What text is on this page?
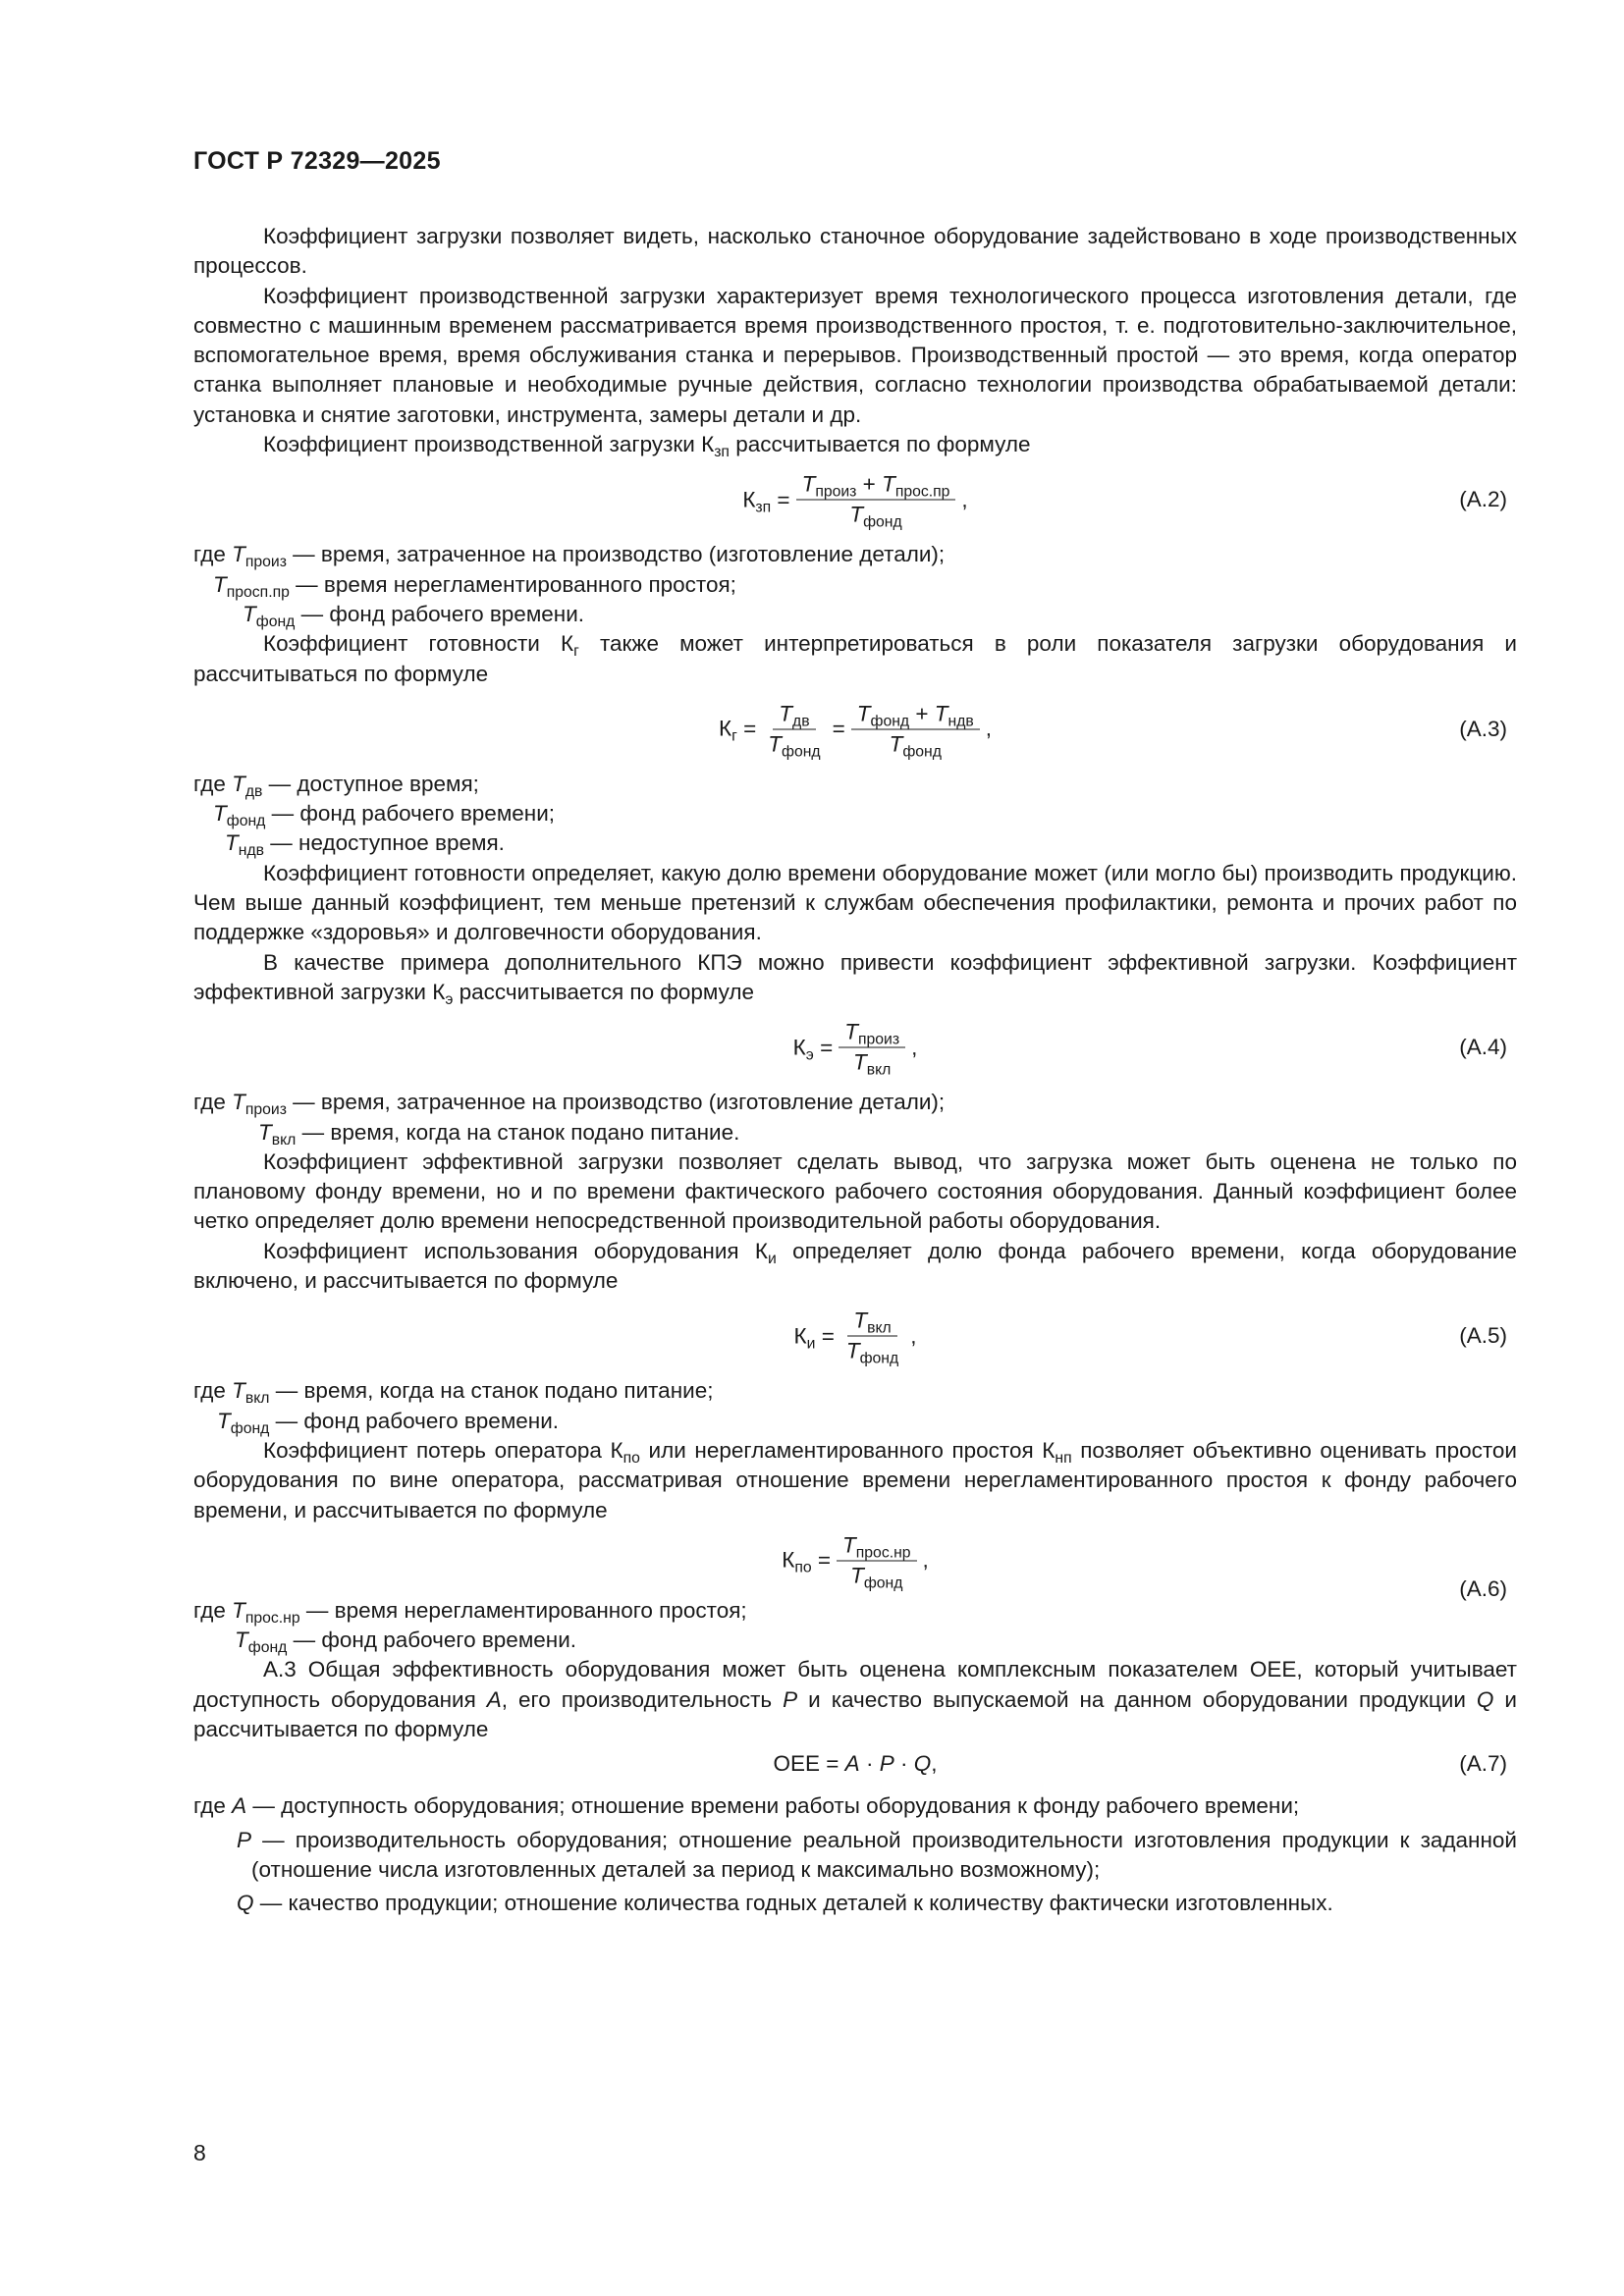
ГОСТ Р 72329—2025

Коэффициент загрузки позволяет видеть, насколько станочное оборудование задействовано в ходе производственных процессов.

Коэффициент производственной загрузки характеризует время технологического процесса изготовления детали, где совместно с машинным временем рассматривается время производственного простоя, т. е. подготовительно-заключительное, вспомогательное время, время обслуживания станка и перерывов. Производственный простой — это время, когда оператор станка выполняет плановые и необходимые ручные действия, согласно технологии производства обрабатываемой детали: установка и снятие заготовки, инструмента, замеры детали и др.

Коэффициент производственной загрузки $К_{зп}$ рассчитывается по формуле

$К_{зп} = \frac{Т_{произ} + Т_{прос.пр}}{Т_{фонд}}$ ,	(A.2)
где $Т_{произ}$ — время, затраченное на производство (изготовление детали);
$Т_{просп.пр}$ — время нерегламентированного простоя;
$Т_{фонд}$ — фонд рабочего времени.

Коэффициент готовности $К_г$ также может интерпретироваться в роли показателя загрузки оборудования и рассчитываться по формуле

$К_г = \frac{Т_{дв}}{Т_{фонд}} = \frac{Т_{фонд} + Т_{ндв}}{Т_{фонд}}$ ,	(A.3)
где $Т_{дв}$ — доступное время;
$Т_{фонд}$ — фонд рабочего времени;
$Т_{ндв}$ — недоступное время.

Коэффициент готовности определяет, какую долю времени оборудование может (или могло бы) производить продукцию. Чем выше данный коэффициент, тем меньше претензий к службам обеспечения профилактики, ремонта и прочих работ по поддержке «здоровья» и долговечности оборудования.

В качестве примера дополнительного КПЭ можно привести коэффициент эффективной загрузки. Коэффициент эффективной загрузки $К_э$ рассчитывается по формуле

$К_э = \frac{Т_{произ}}{Т_{вкл}}$ ,	(A.4)
где $Т_{произ}$ — время, затраченное на производство (изготовление детали);
$Т_{вкл}$ — время, когда на станок подано питание.

Коэффициент эффективной загрузки позволяет сделать вывод, что загрузка может быть оценена не только по плановому фонду времени, но и по времени фактического рабочего состояния оборудования. Данный коэффициент более четко определяет долю времени непосредственной производительной работы оборудования.

Коэффициент использования оборудования $К_и$ определяет долю фонда рабочего времени, когда оборудование включено, и рассчитывается по формуле

$К_и = \frac{Т_{вкл}}{Т_{фонд}}$ ,	(A.5)
где $Т_{вкл}$ — время, когда на станок подано питание;
$Т_{фонд}$ — фонд рабочего времени.

Коэффициент потерь оператора $К_{по}$ или нерегламентированного простоя $К_{нп}$ позволяет объективно оценивать простои оборудования по вине оператора, рассматривая отношение времени нерегламентированного простоя к фонду рабочего времени, и рассчитывается по формуле

$К_{по} = \frac{Т_{прос.нр}}{Т_{фонд}}$ ,
(A.6)
где $Т_{прос.нр}$ — время нерегламентированного простоя;
$Т_{фонд}$ — фонд рабочего времени.

А.3 Общая эффективность оборудования может быть оценена комплексным показателем OEE, который учитывает доступность оборудования A, его производительность P и качество выпускаемой на данном оборудовании продукции Q и рассчитывается по формуле

OEE = A · P · Q,	(A.7)
где A — доступность оборудования; отношение времени работы оборудования к фонду рабочего времени;
P — производительность оборудования; отношение реальной производительности изготовления продукции к заданной (отношение числа изготовленных деталей за период к максимально возможному);
Q — качество продукции; отношение количества годных деталей к количеству фактически изготовленных.
8
